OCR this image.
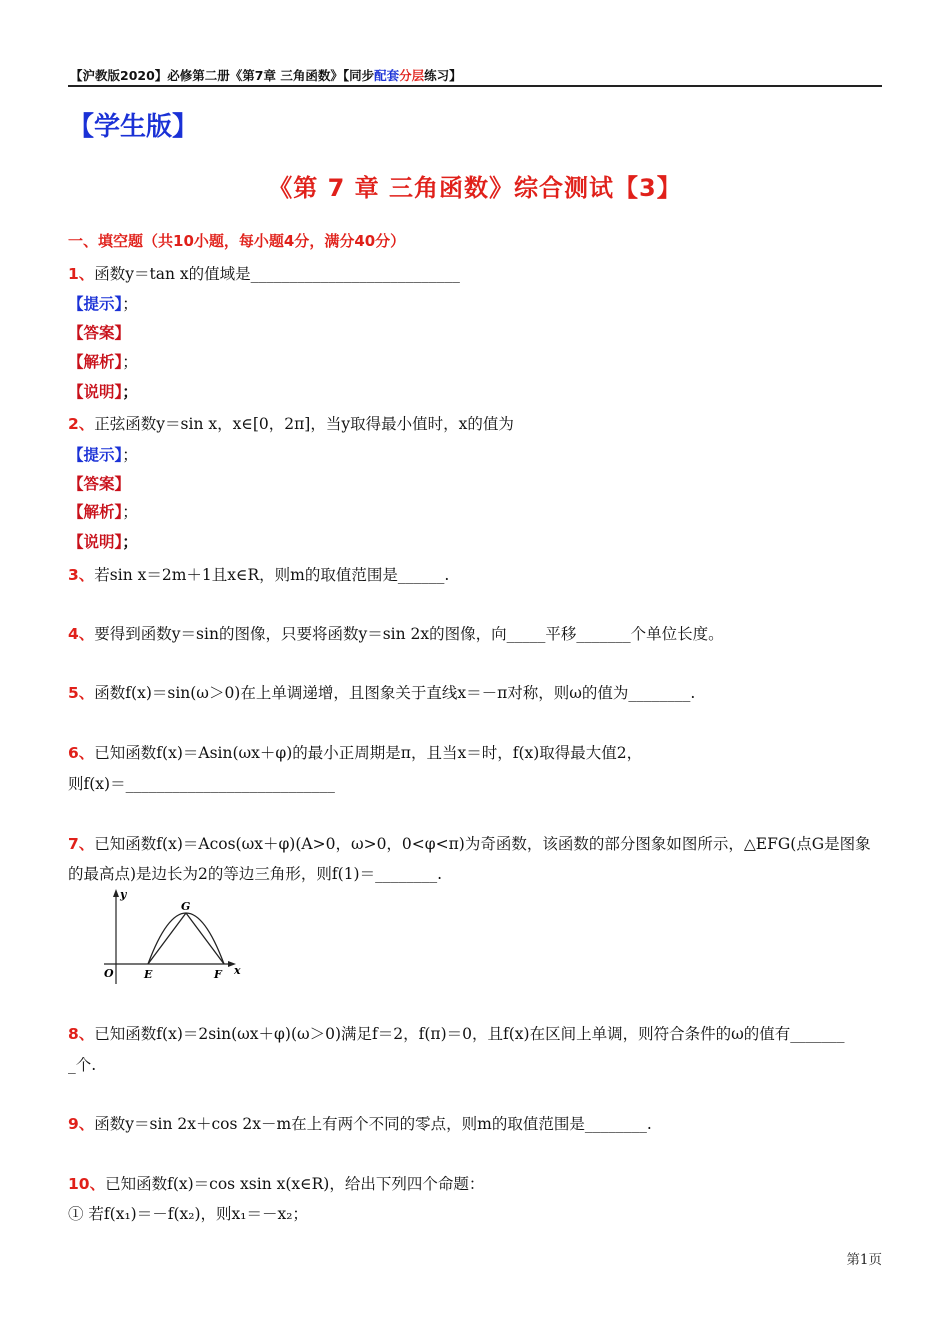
【沪教版2020】必修第二册《第7章 三角函数》【同步配套分层练习】
【学生版】
《第 7 章 三角函数》综合测试【3】
一、填空题（共10小题，每小题4分，满分40分）
1、函数y＝tan x的值域是___________________________
【提示】；
【答案】
【解析】；
【说明】；
2、正弦函数y＝sin x，x∈[0，2π]，当y取得最小值时，x的值为
【提示】；
【答案】
【解析】；
【说明】；
3、若sin x＝2m＋1且x∈R，则m的取值范围是______.
4、要得到函数y＝sin的图像，只要将函数y＝sin 2x的图像，向_____平移_______个单位长度。
5、函数f(x)＝sin(ω＞0)在上单调递增，且图象关于直线x＝－π对称，则ω的值为________.
6、已知函数f(x)＝Asin(ωx＋φ)的最小正周期是π，且当x＝时，f(x)取得最大值2，
则f(x)＝___________________________
7、已知函数f(x)＝Acos(ωx＋φ)(A>0，ω>0，0<φ<π)为奇函数，该函数的部分图象如图所示，△EFG(点G是图象
的最高点)是边长为2的等边三角形，则f(1)＝________.
y
x
O	E	F
G
8、已知函数f(x)＝2sin(ωx＋φ)(ω＞0)满足f＝2，f(π)＝0，且f(x)在区间上单调，则符合条件的ω的值有_______
_个.
9、函数y＝sin 2x＋cos 2x－m在上有两个不同的零点，则m的取值范围是________.
10、已知函数f(x)＝cos xsin x(x∈R)，给出下列四个命题：
① 若f(x₁)＝－f(x₂)，则x₁＝－x₂；
第1页
